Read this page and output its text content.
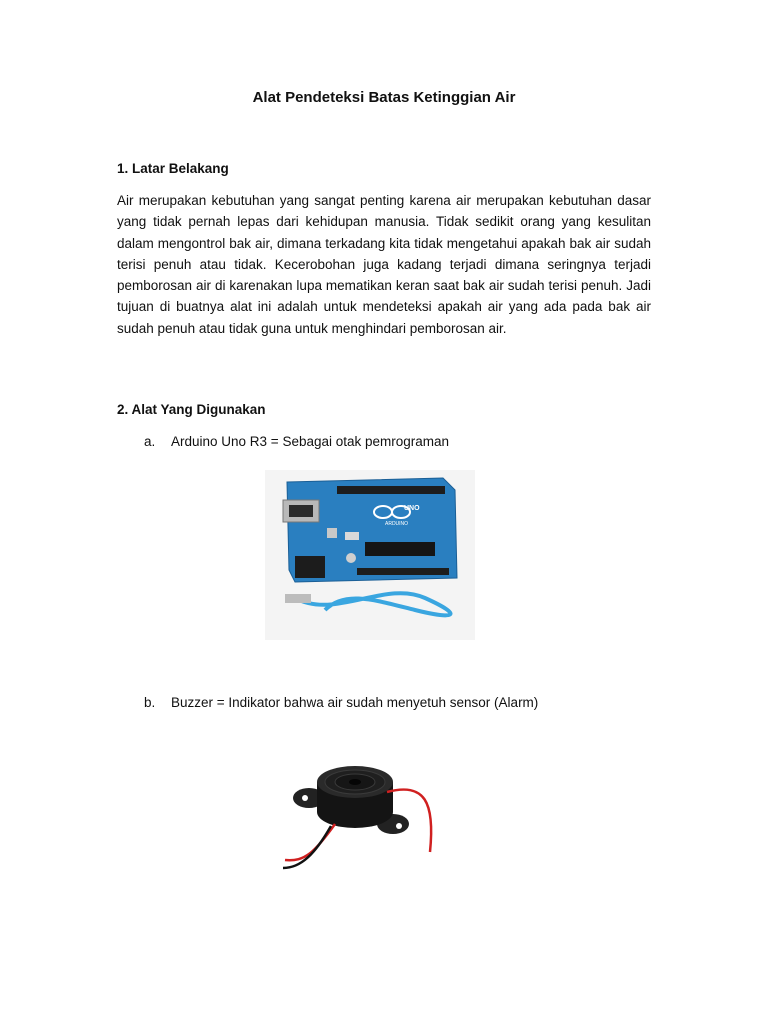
Alat Pendeteksi Batas Ketinggian Air
1. Latar Belakang

Air merupakan kebutuhan yang sangat penting karena air merupakan kebutuhan dasar yang tidak pernah lepas dari kehidupan manusia. Tidak sedikit orang yang kesulitan dalam mengontrol bak air, dimana terkadang kita tidak mengetahui apakah bak air sudah terisi penuh atau tidak. Kecerobohan juga kadang terjadi dimana seringnya terjadi pemborosan air di karenakan lupa mematikan keran saat bak air sudah terisi penuh. Jadi tujuan di buatnya alat ini adalah untuk mendeteksi apakah air yang ada pada bak air sudah penuh atau tidak guna untuk menghindari pemborosan air.

2. Alat Yang Digunakan
a.	Arduino Uno R3 = Sebagai otak pemrograman
ARDUINO
UNO
b.	Buzzer = Indikator bahwa air sudah menyetuh sensor (Alarm)
